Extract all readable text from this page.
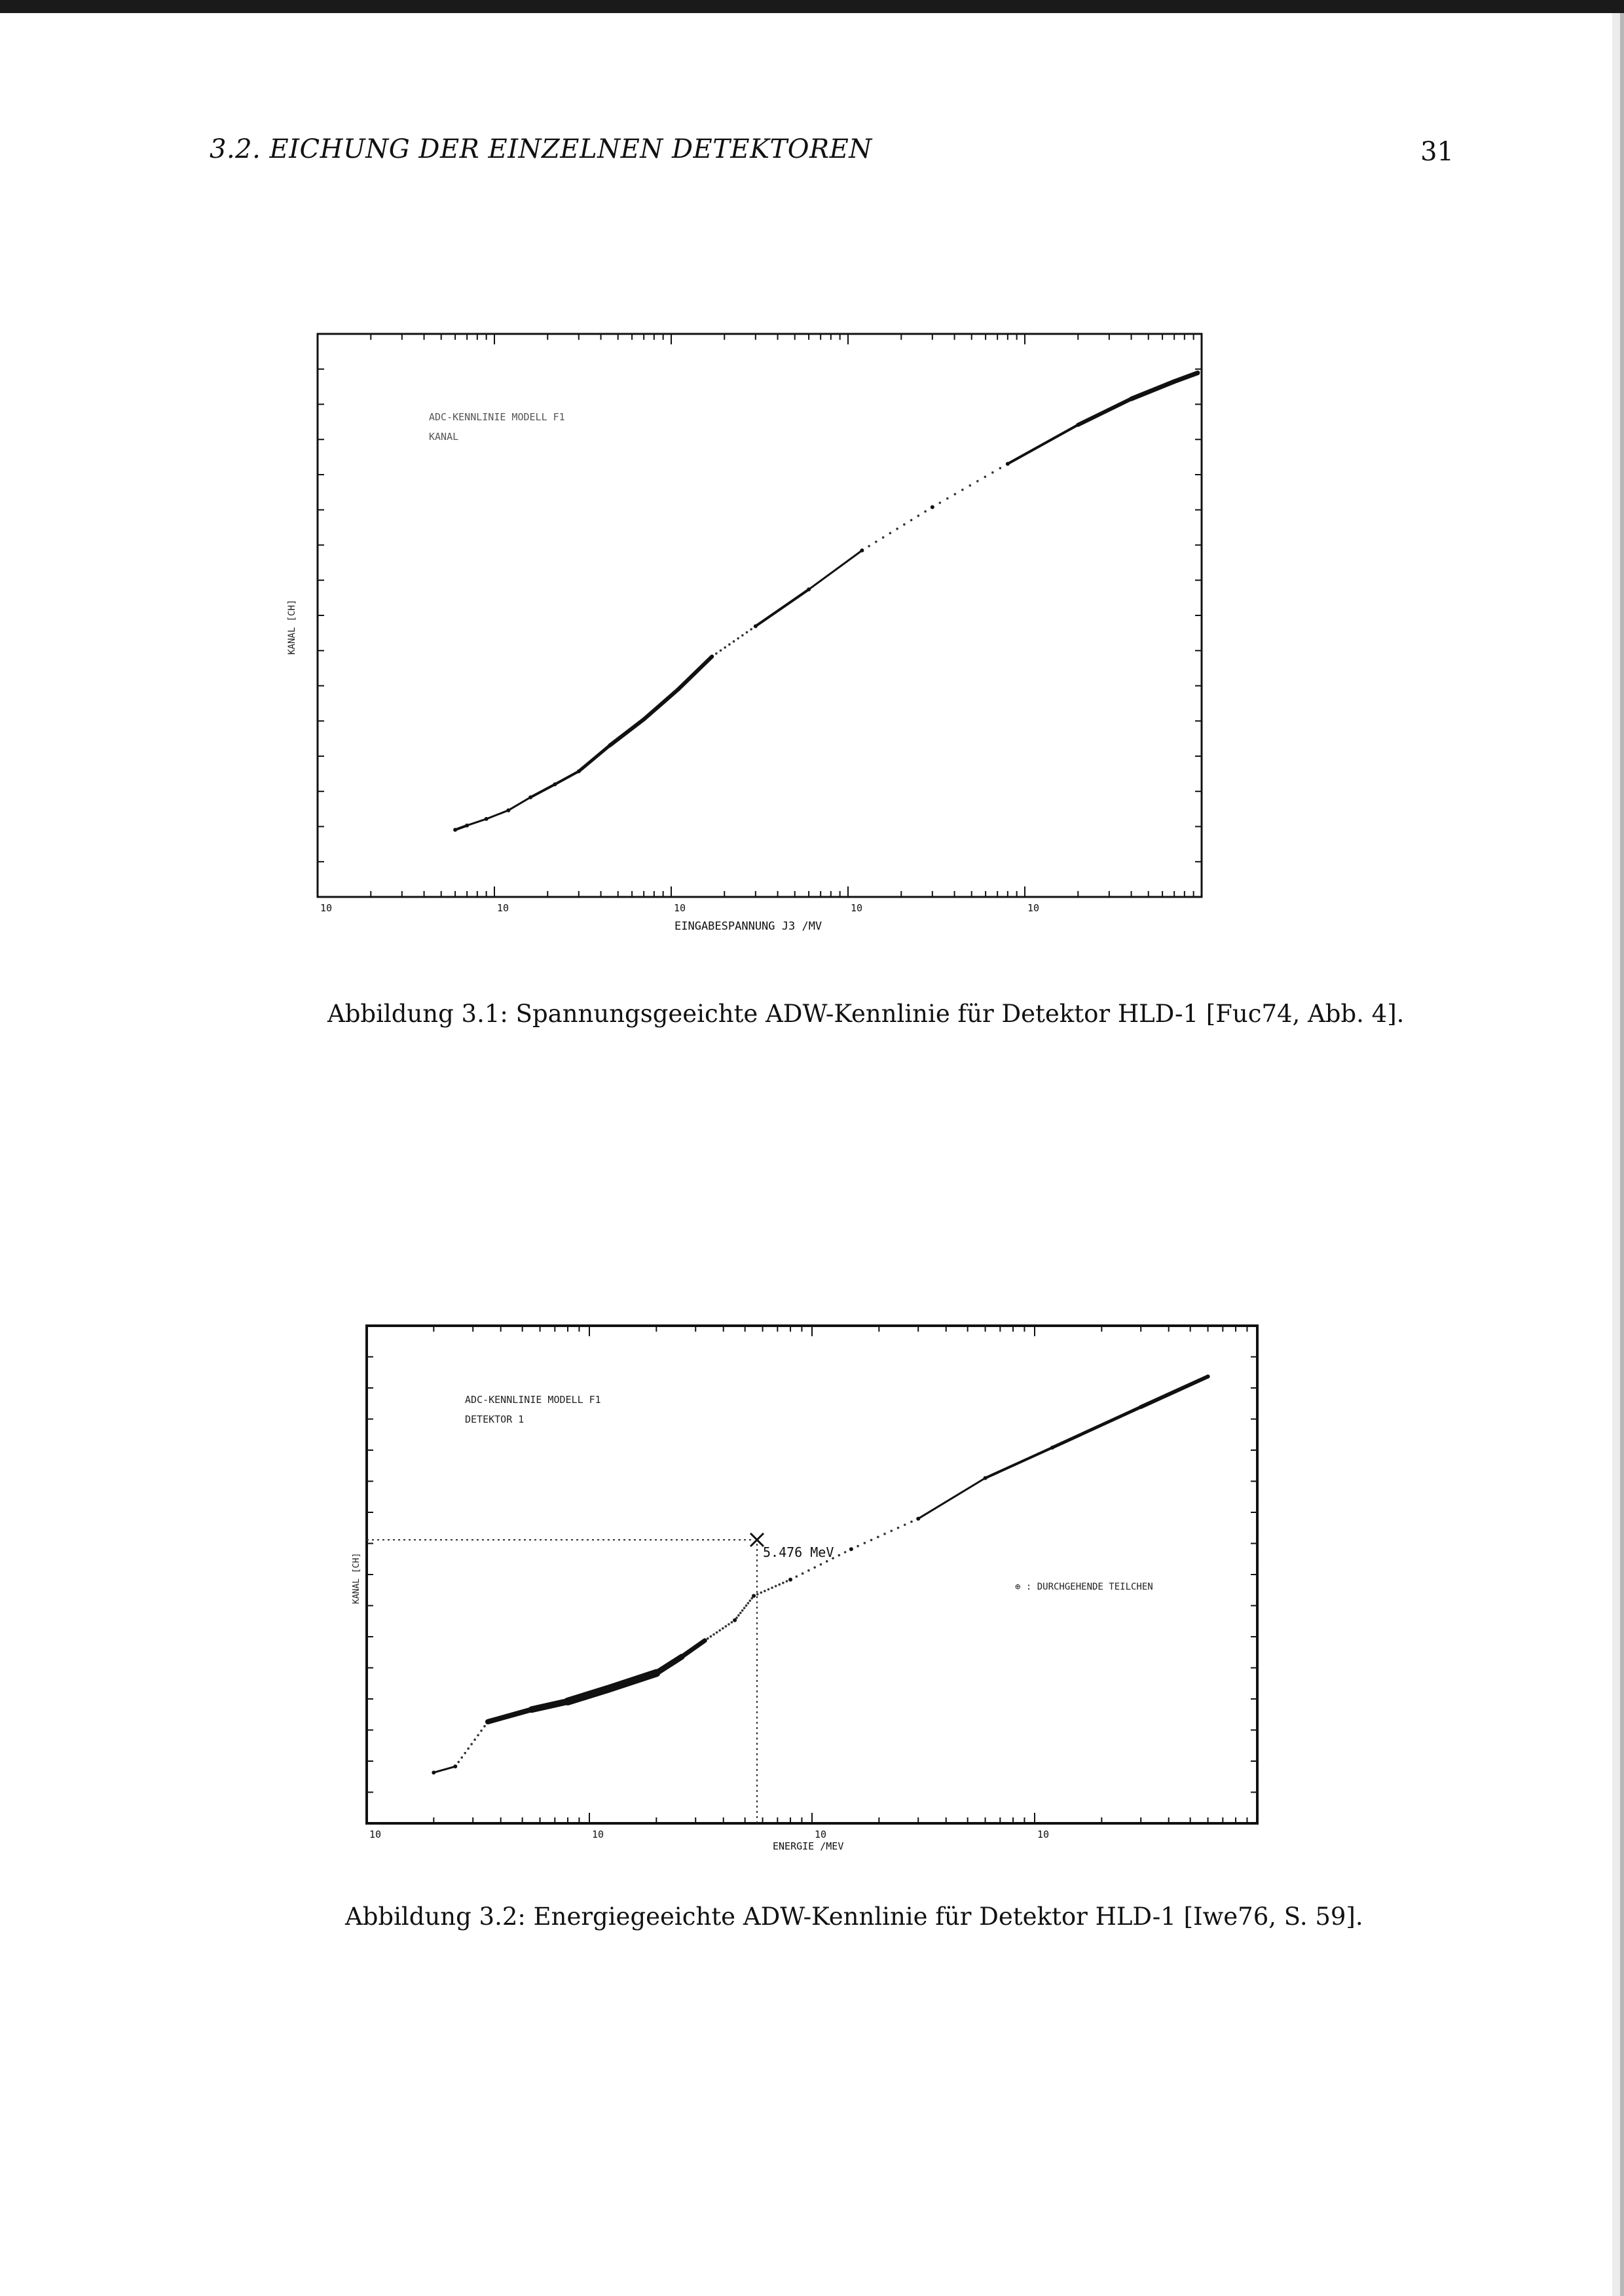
3.2. EICHUNG DER EINZELNEN DETEKTOREN	31
10	10	10	10	10
ADC-KENNLINIE MODELL F1
KANAL
EINGABESPANNUNG J3 /MV
KANAL [CH]
Abbildung 3.1: Spannungsgeeichte ADW-Kennlinie für Detektor HLD-1 [Fuc74, Abb. 4].
10	10	10	10
ADC-KENNLINIE MODELL F1
DETEKTOR 1
5.476 MeV
⊕ : DURCHGEHENDE TEILCHEN
ENERGIE /MEV
KANAL [CH]
Abbildung 3.2: Energiegeeichte ADW-Kennlinie für Detektor HLD-1 [Iwe76, S. 59].
